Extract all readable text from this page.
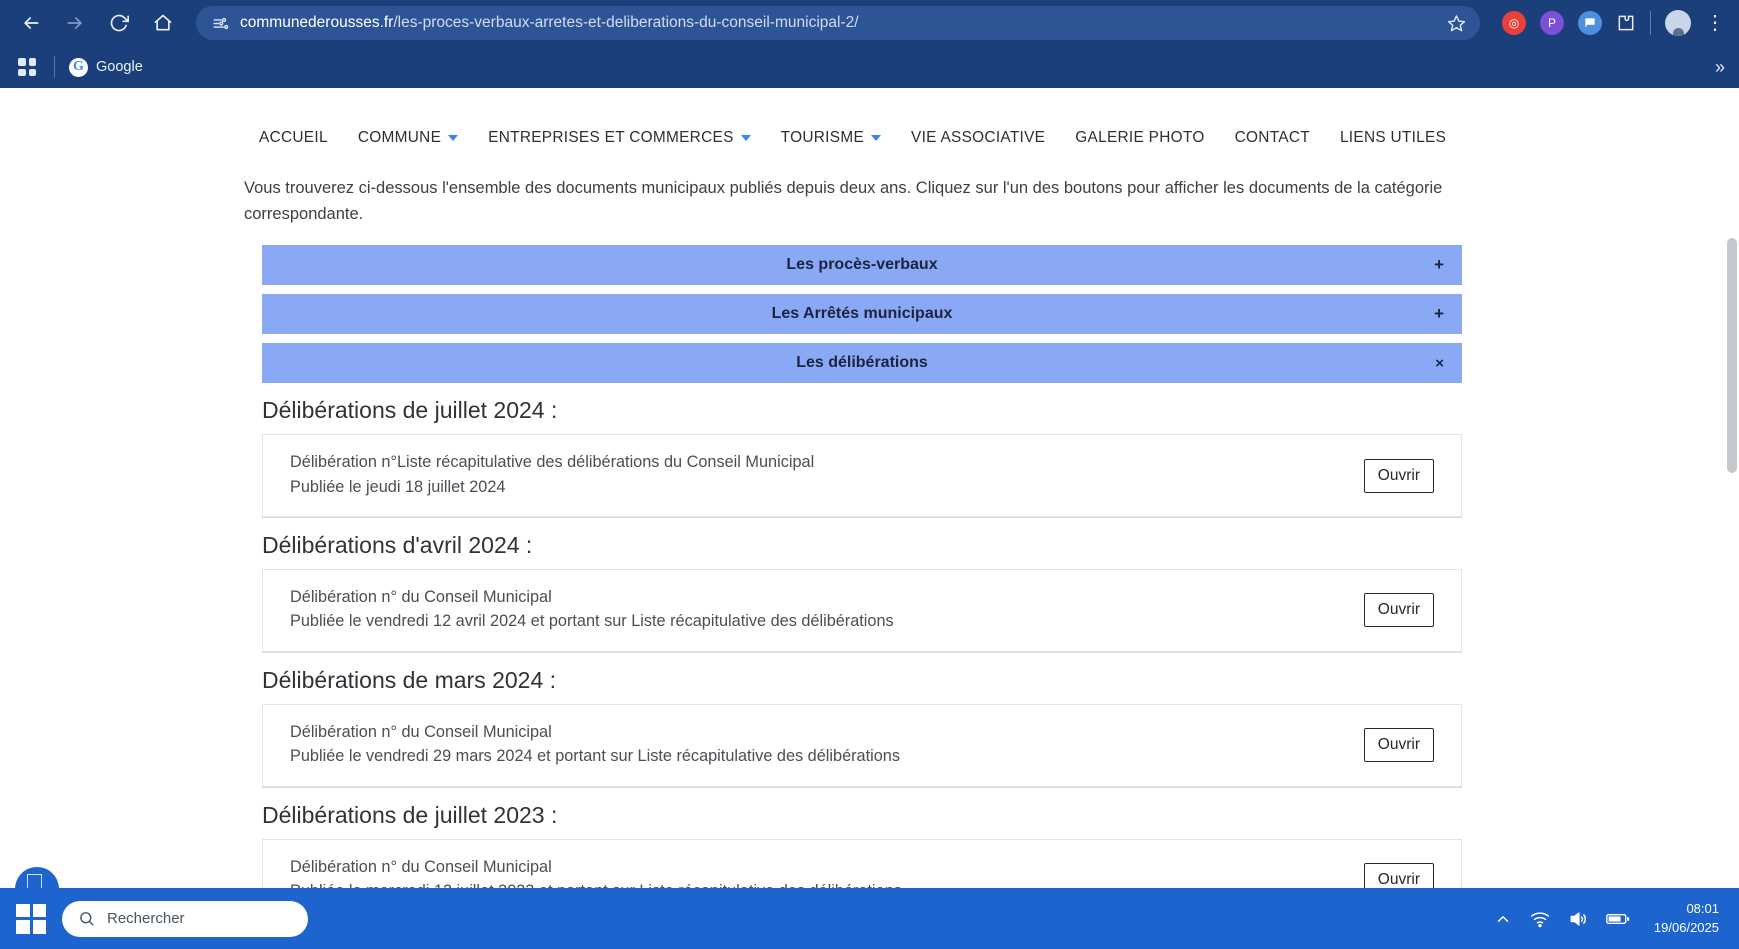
communederousses.fr/les-proces-verbaux-arretes-et-deliberations-du-conseil-municipal-2/	◎	P	⋮
G Google	»
ACCUEIL COMMUNE	ENTREPRISES ET COMMERCES	TOURISME	VIE ASSOCIATIVE GALERIE PHOTO CONTACT LIENS UTILES

Vous trouverez ci-dessous l'ensemble des documents municipaux publiés depuis deux ans. Cliquez sur l'un des boutons pour afficher les documents de la catégorie correspondante.

Les procès-verbaux	+
Les Arrêtés municipaux	+
Les délibérations	×
Délibérations de juillet 2024 :
Délibération n°Liste récapitulative des délibérations du Conseil Municipal
Publiée le jeudi 18 juillet 2024
Ouvrir
Délibérations d'avril 2024 :
Délibération n° du Conseil Municipal
Publiée le vendredi 12 avril 2024 et portant sur Liste récapitulative des délibérations
Ouvrir
Délibérations de mars 2024 :
Délibération n° du Conseil Municipal
Publiée le vendredi 29 mars 2024 et portant sur Liste récapitulative des délibérations
Ouvrir
Délibérations de juillet 2023 :
Délibération n° du Conseil Municipal
Ouvrir
Rechercher
08:01
19/06/2025
